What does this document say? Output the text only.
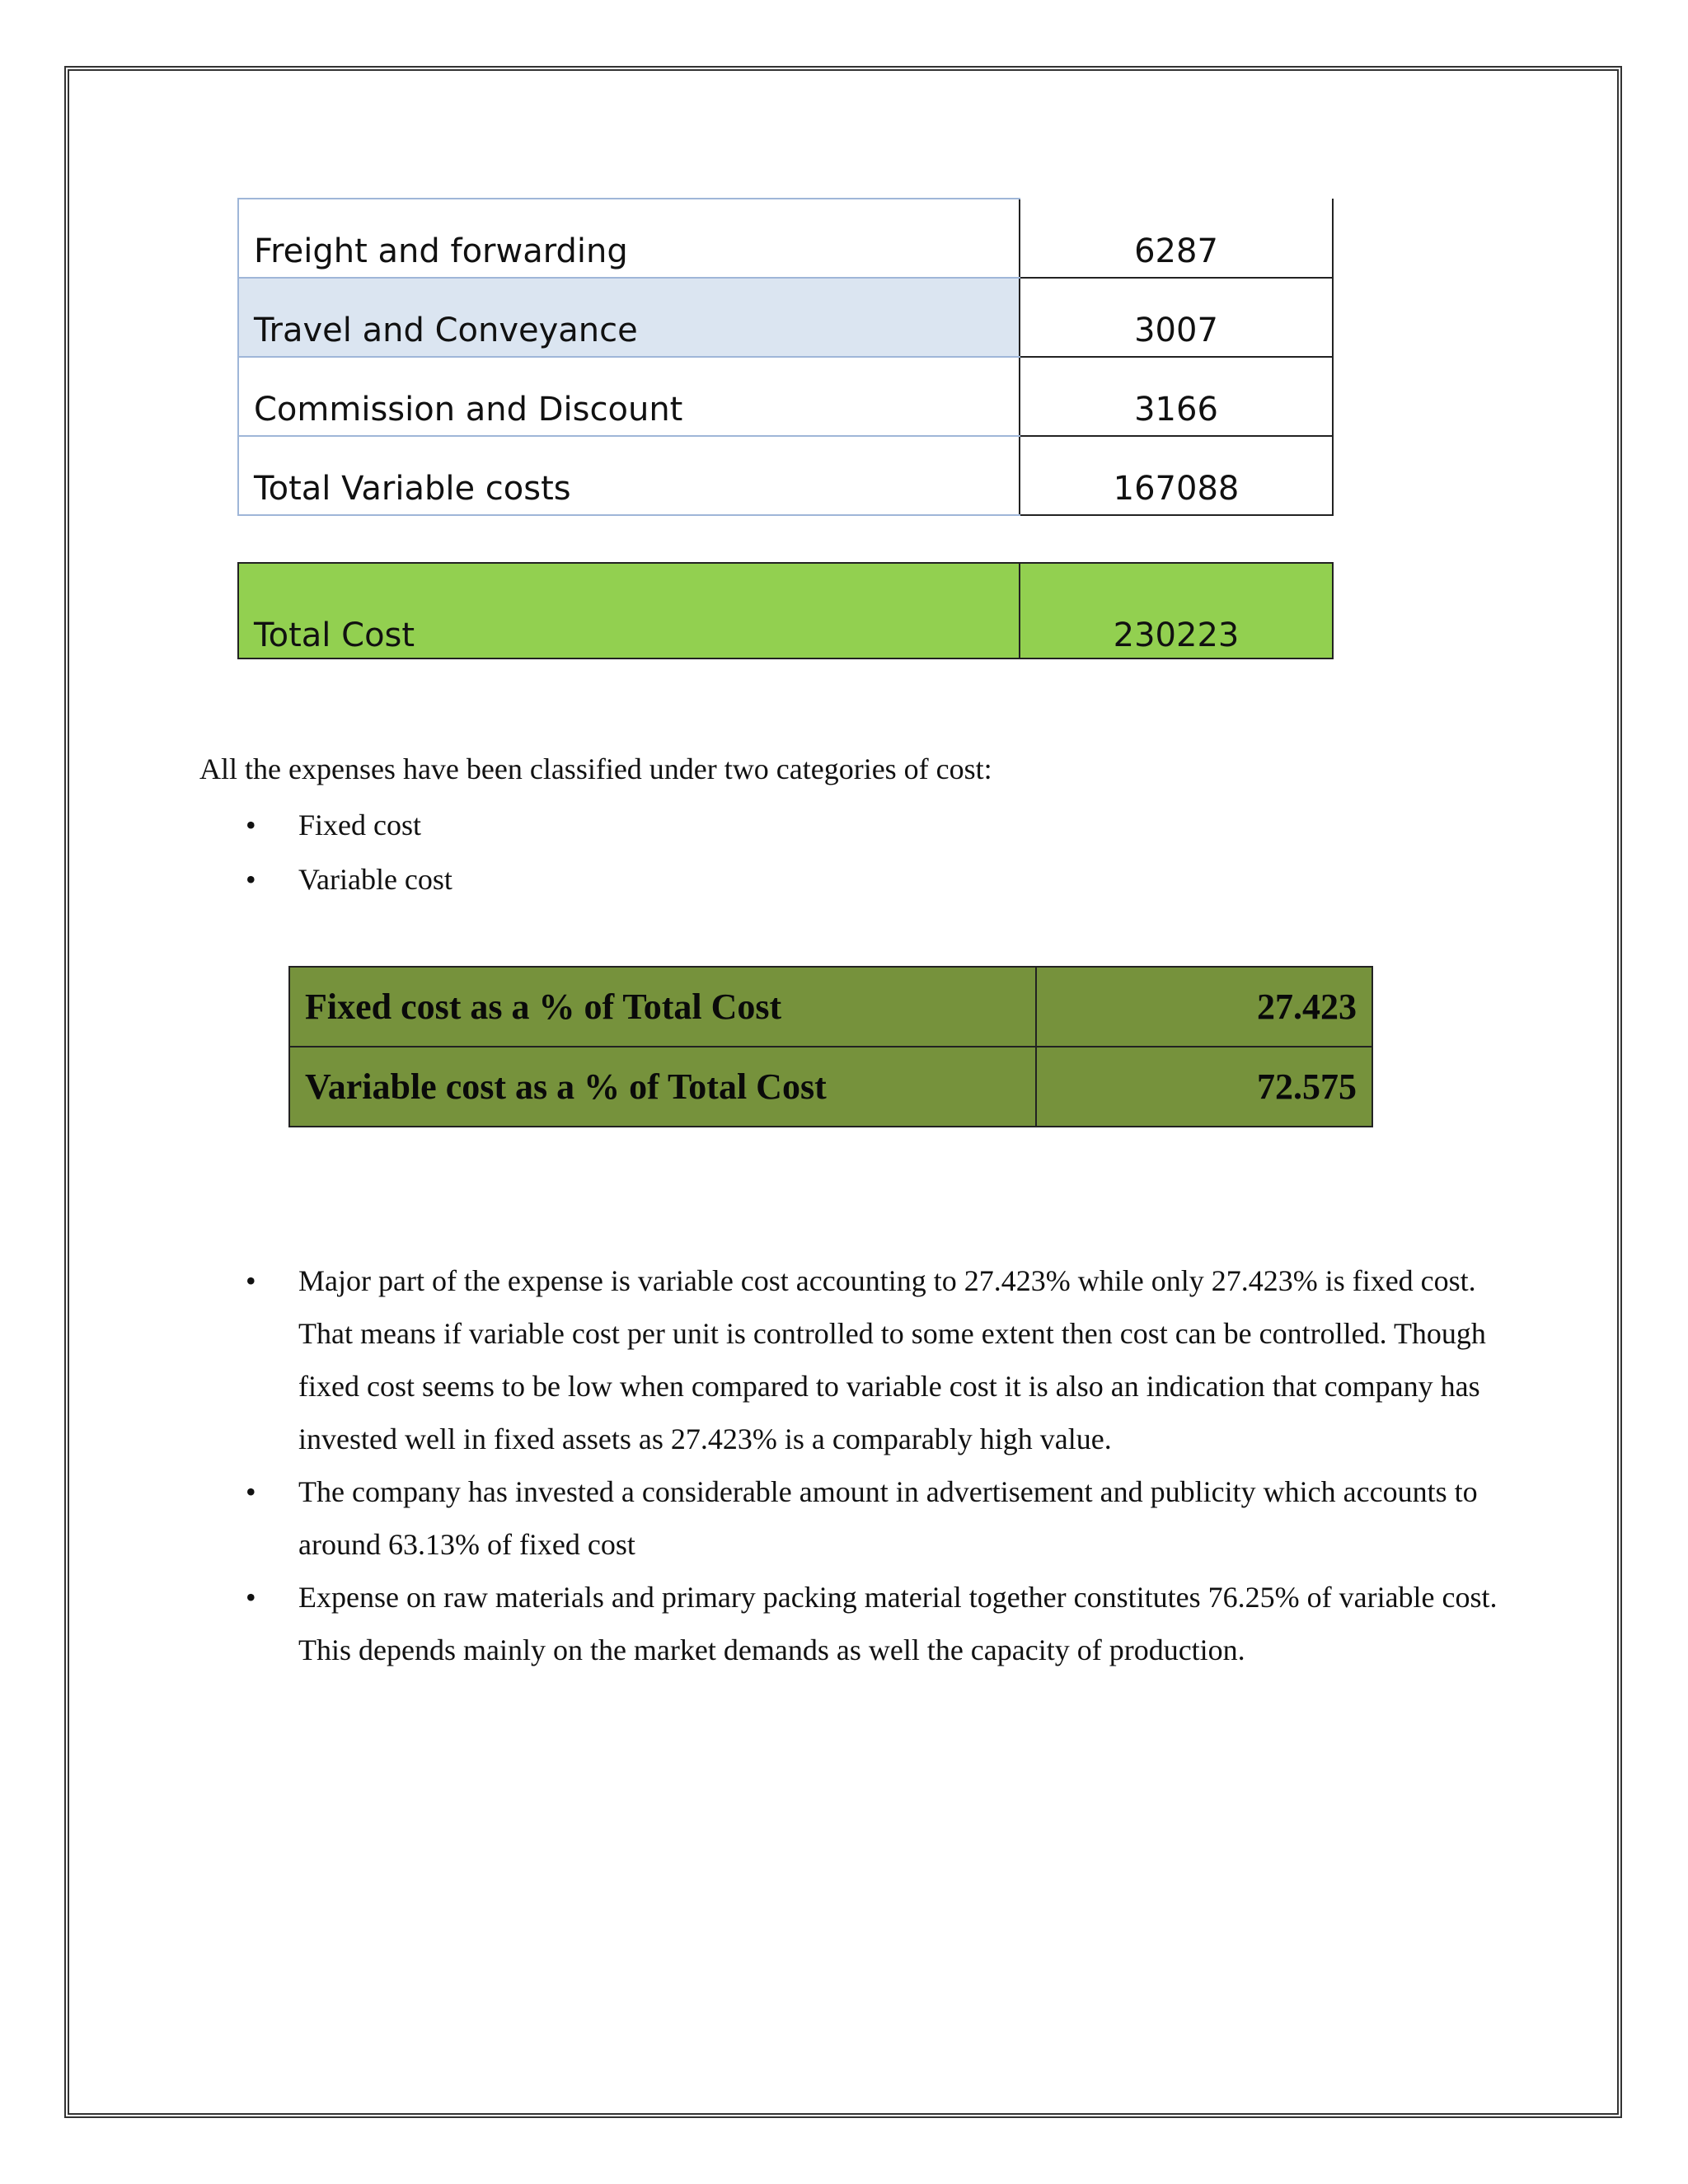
Freight and forwarding	6287
Travel and Conveyance	3007
Commission and Discount	3166
Total Variable costs	167088
Total Cost	230223

All the expenses have been classified under two categories of cost:

• Fixed cost
• Variable cost
Fixed cost as a % of Total Cost	27.423
Variable cost as a % of Total Cost	72.575
• Major part of the expense is variable cost accounting to 27.423% while only 27.423% is fixed cost. That means if variable cost per unit is controlled to some extent then cost can be controlled. Though fixed cost seems to be low when compared to variable cost it is also an indication that company has invested well in fixed assets as 27.423% is a comparably high value.
• The company has invested a considerable amount in advertisement and publicity which accounts to around 63.13% of fixed cost
• Expense on raw materials and primary packing material together constitutes 76.25% of variable cost. This depends mainly on the market demands as well the capacity of production.
